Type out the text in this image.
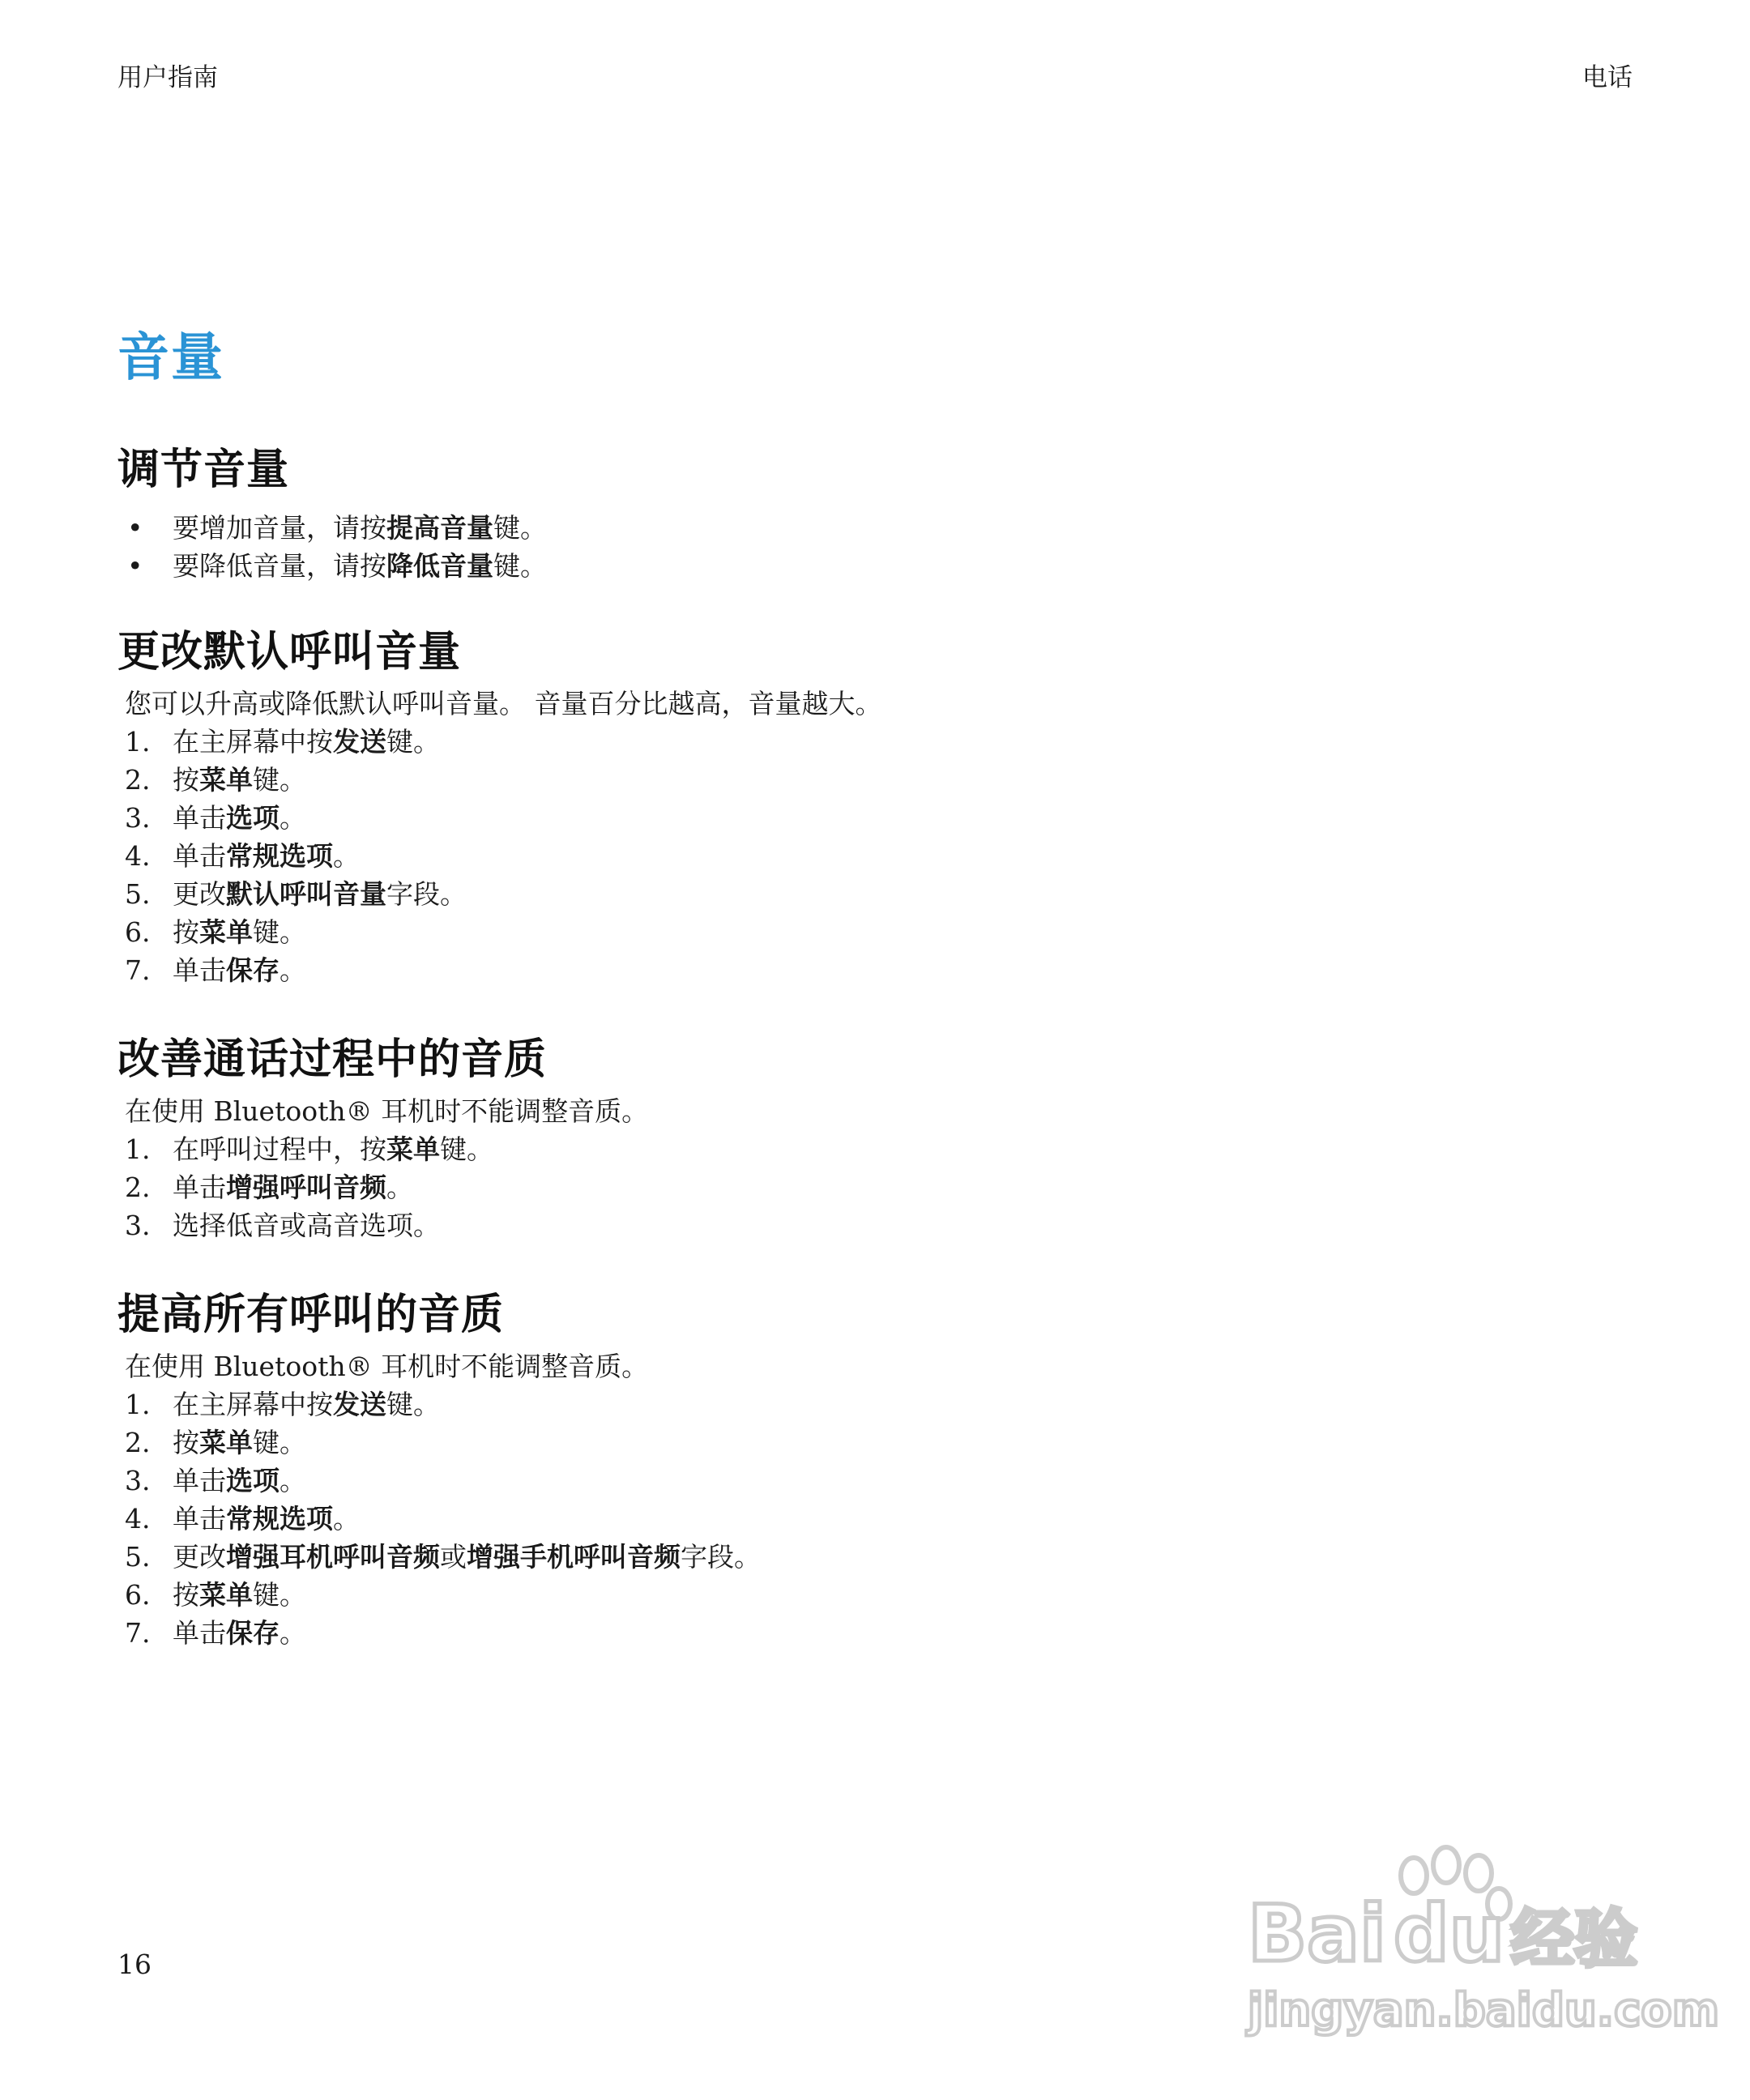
用户指南	电话
音量
调节音量
• 要增加音量，请按提高音量键。
• 要降低音量，请按降低音量键。
更改默认呼叫音量
您可以升高或降低默认呼叫音量。 音量百分比越高，音量越大。
1. 在主屏幕中按发送键。
2. 按菜单键。
3. 单击选项。
4. 单击常规选项。
5. 更改默认呼叫音量字段。
6. 按菜单键。
7. 单击保存。
改善通话过程中的音质
在使用 Bluetooth® 耳机时不能调整音质。
1. 在呼叫过程中，按菜单键。
2. 单击增强呼叫音频。
3. 选择低音或高音选项。
提高所有呼叫的音质
在使用 Bluetooth® 耳机时不能调整音质。
1. 在主屏幕中按发送键。
2. 按菜单键。
3. 单击选项。
4. 单击常规选项。
5. 更改增强耳机呼叫音频或增强手机呼叫音频字段。
6. 按菜单键。
7. 单击保存。
16	Bai du 经验
jingyan.baidu.com
